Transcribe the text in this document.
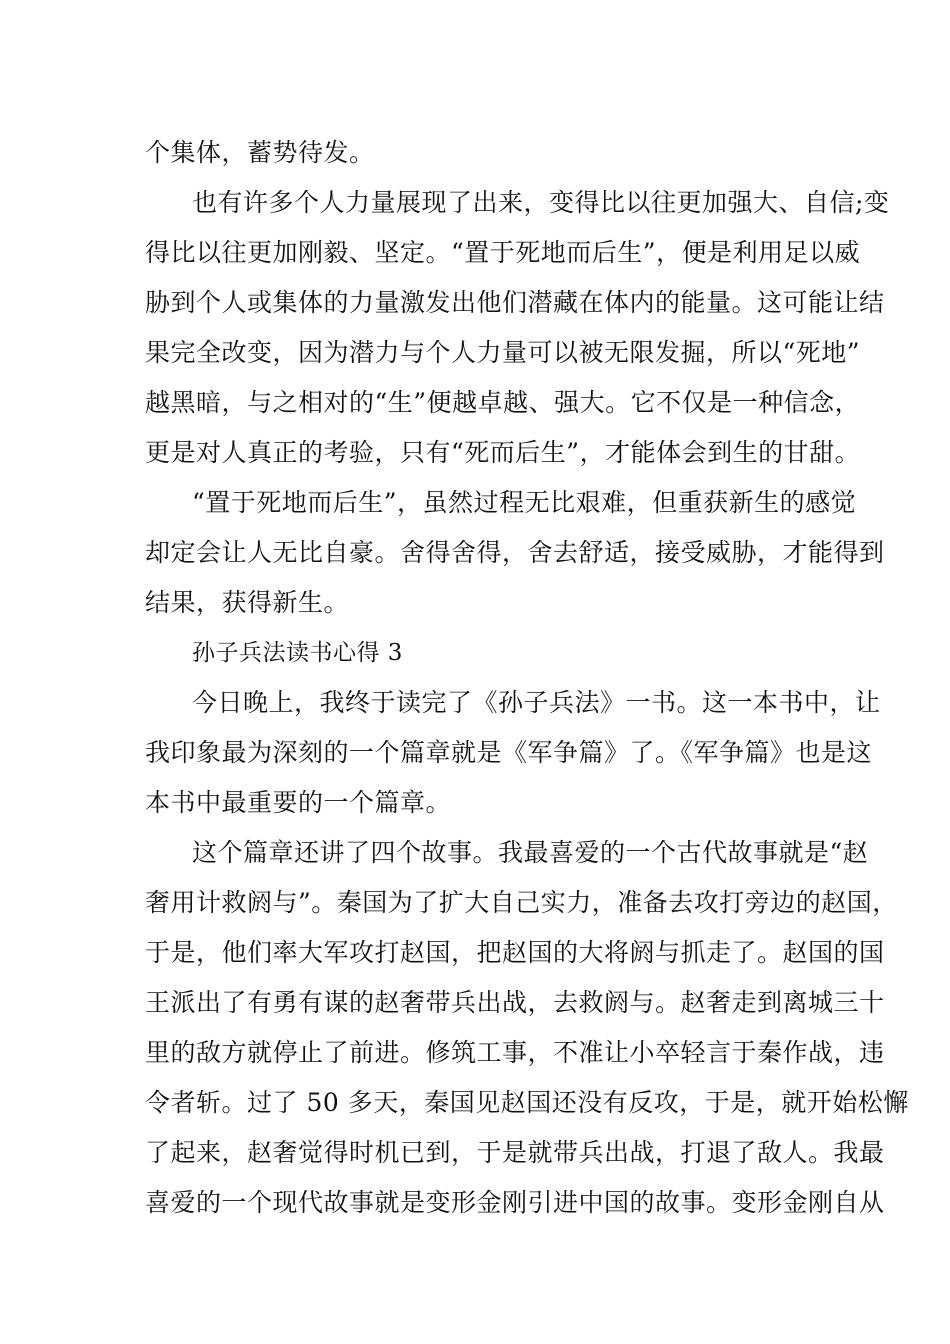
个集体，蓄势待发。
也有许多个人力量展现了出来，变得比以往更加强大、自信;变
得比以往更加刚毅、坚定。“置于死地而后生”，便是利用足以威
胁到个人或集体的力量激发出他们潜藏在体内的能量。这可能让结
果完全改变，因为潜力与个人力量可以被无限发掘，所以“死地”
越黑暗，与之相对的“生”便越卓越、强大。它不仅是一种信念，
更是对人真正的考验，只有“死而后生”，才能体会到生的甘甜。
“置于死地而后生”，虽然过程无比艰难，但重获新生的感觉
却定会让人无比自豪。舍得舍得，舍去舒适，接受威胁，才能得到
结果，获得新生。
孙子兵法读书心得 3
今日晚上，我终于读完了《孙子兵法》一书。这一本书中，让
我印象最为深刻的一个篇章就是《军争篇》了。《军争篇》也是这
本书中最重要的一个篇章。
这个篇章还讲了四个故事。我最喜爱的一个古代故事就是“赵
奢用计救阏与”。秦国为了扩大自己实力，准备去攻打旁边的赵国，
于是，他们率大军攻打赵国，把赵国的大将阏与抓走了。赵国的国
王派出了有勇有谋的赵奢带兵出战，去救阏与。赵奢走到离城三十
里的敌方就停止了前进。修筑工事，不准让小卒轻言于秦作战，违
令者斩。过了 50 多天，秦国见赵国还没有反攻，于是，就开始松懈
了起来，赵奢觉得时机已到，于是就带兵出战，打退了敌人。我最
喜爱的一个现代故事就是变形金刚引进中国的故事。变形金刚自从
